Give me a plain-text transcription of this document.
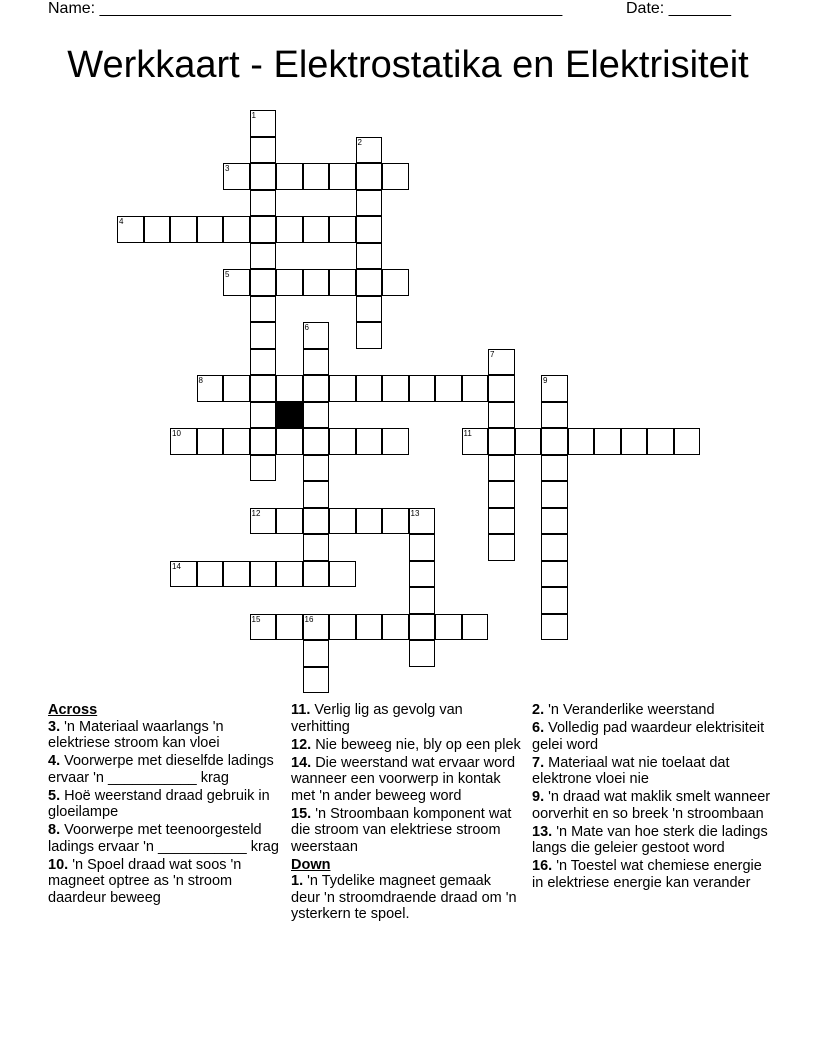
Name: ____________________________________________________

	Date: _______

Werkkaart - Elektrostatika en Elektrisiteit
1
2
3
4
5
6
7
8	9
10	11
12	13
14
15	16
Across
3. 'n Materiaal waarlangs 'n elektriese stroom kan vloei
4. Voorwerpe met dieselfde ladings ervaar 'n ___________ krag
5. Hoë weerstand draad gebruik in gloeilampe
8. Voorwerpe met teenoorgesteld ladings ervaar 'n ___________ krag
10. 'n Spoel draad wat soos 'n magneet optree as 'n stroom daardeur beweeg
11. Verlig lig as gevolg van verhitting
12. Nie beweeg nie, bly op een plek
14. Die weerstand wat ervaar word wanneer een voorwerp in kontak met 'n ander beweeg word
15. 'n Stroombaan komponent wat die stroom van elektriese stroom weerstaan
Down
1. 'n Tydelike magneet gemaak deur 'n stroomdraende draad om 'n ysterkern te spoel.
2. 'n Veranderlike weerstand
6. Volledig pad waardeur elektrisiteit gelei word
7. Materiaal wat nie toelaat dat elektrone vloei nie
9. 'n draad wat maklik smelt wanneer oorverhit en so breek 'n stroombaan
13. 'n Mate van hoe sterk die ladings langs die geleier gestoot word
16. 'n Toestel wat chemiese energie in elektriese energie kan verander
